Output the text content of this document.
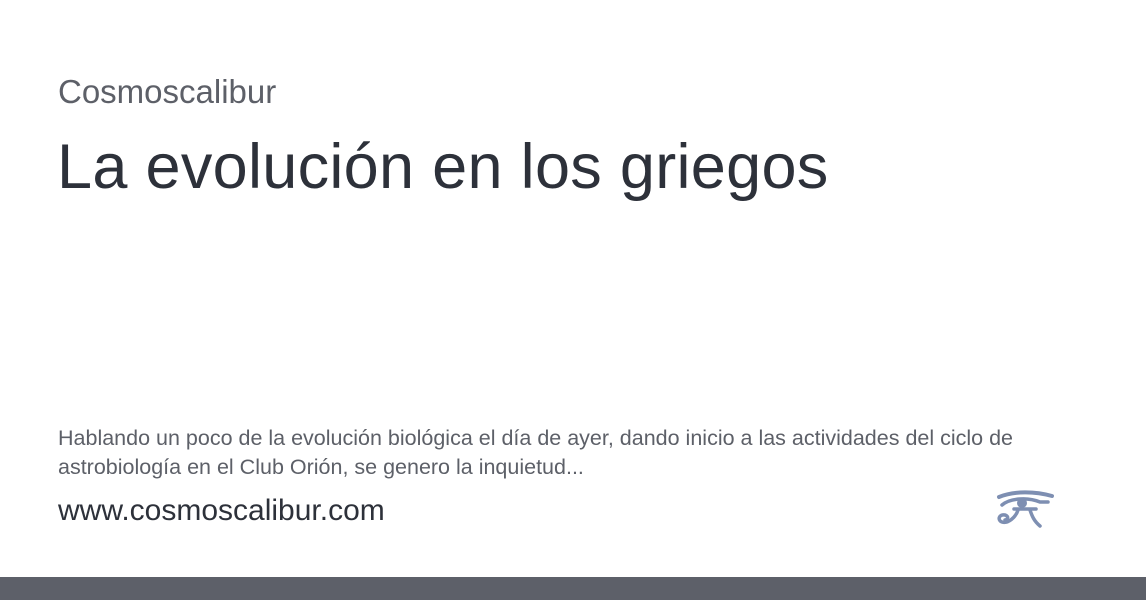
Cosmoscalibur
La evolución en los griegos
Hablando un poco de la evolución biológica el día de ayer, dando inicio a las actividades del ciclo de astrobiología en el Club Orión, se genero la inquietud...
www.cosmoscalibur.com
